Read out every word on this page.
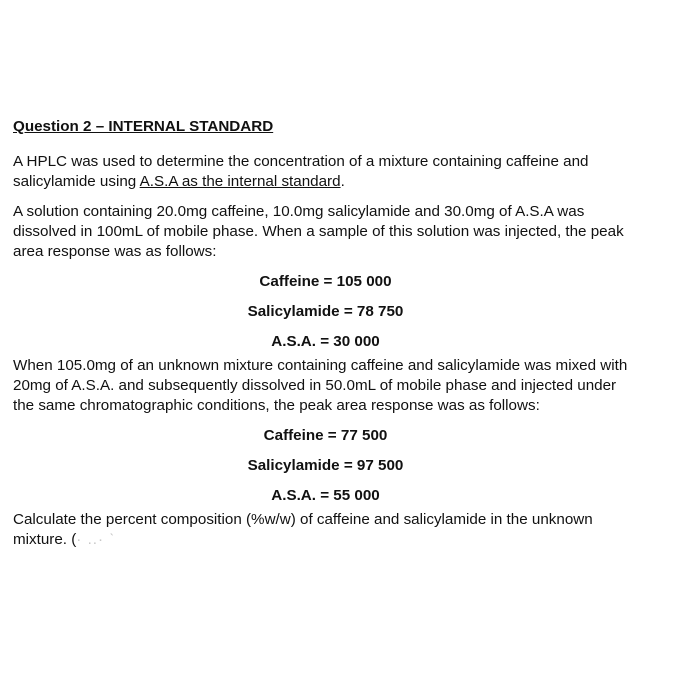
Question 2 – INTERNAL STANDARD

A HPLC was used to determine the concentration of a mixture containing caffeine and salicylamide using A.S.A as the internal standard.

A solution containing 20.0mg caffeine, 10.0mg salicylamide and 30.0mg of A.S.A was dissolved in 100mL of mobile phase. When a sample of this solution was injected, the peak area response was as follows:

Caffeine = 105 000

Salicylamide = 78 750

A.S.A. = 30 000

When 105.0mg of an unknown mixture containing caffeine and salicylamide was mixed with 20mg of A.S.A. and subsequently dissolved in 50.0mL of mobile phase and injected under the same chromatographic conditions, the peak area response was as follows:

Caffeine = 77 500

Salicylamide = 97 500

A.S.A. = 55 000

Calculate the percent composition (%w/w) of caffeine and salicylamide in the unknown mixture. (· ..· ˋ
